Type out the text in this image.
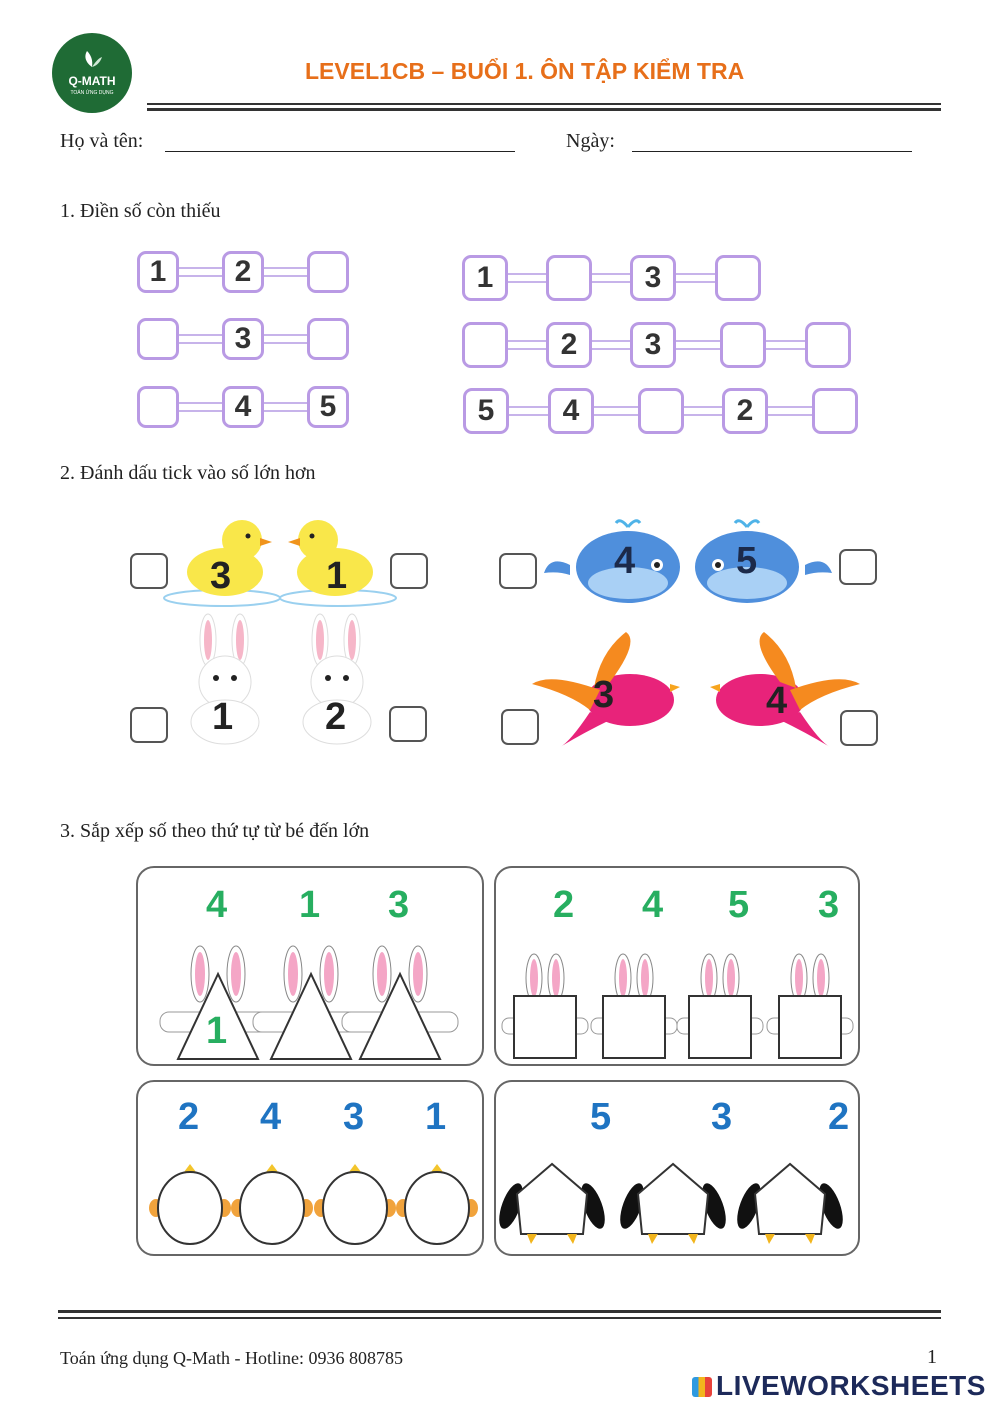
Q-MATH
TOÁN ỨNG DỤNG
LEVEL1CB – BUỔI 1. ÔN TẬP KIỂM TRA
Họ và tên:	Ngày:
1. Điền số còn thiếu
1	2
3
4	5
1	3
2	3
5	4	2
2. Đánh dấu tick vào số lớn hơn
3 1	4	5
1 2
3	4
3. Sắp xếp số theo thứ tự từ bé đến lớn
4 1 3
1
2 4 5 3
2 4 3 1	5	3	2
Toán ứng dụng Q-Math - Hotline: 0936 808785	1
LIVEWORKSHEETS
